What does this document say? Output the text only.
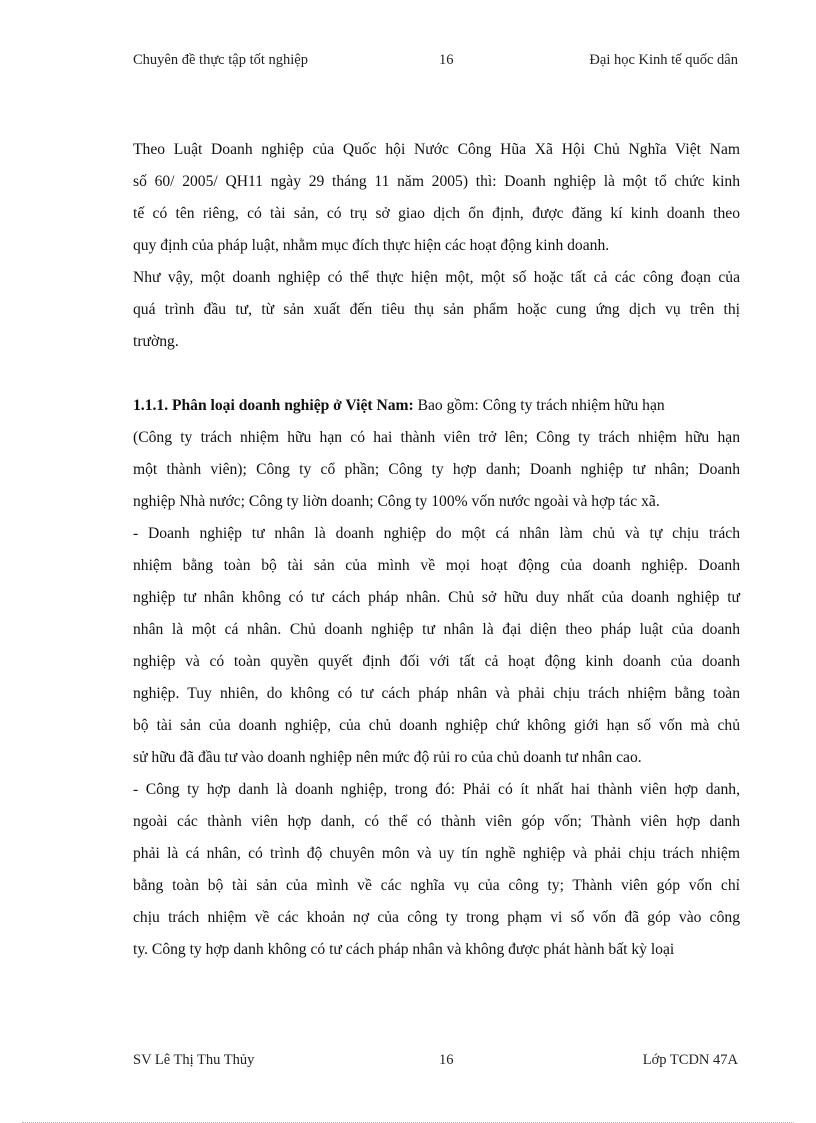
Chuyên đề thực tập tốt nghiệp	16	Đại học Kinh tế quốc dân
Theo Luật Doanh nghiệp của Quốc hội Nước Công Hũa Xã Hội Chủ Nghĩa Việt Nam
số 60/ 2005/ QH11 ngày 29 tháng 11 năm 2005) thì: Doanh nghiệp là một tổ chức kinh
tế có tên riêng, có tài sản, có trụ sở giao dịch ổn định, được đăng kí kinh doanh theo
quy định của pháp luật, nhằm mục đích thực hiện các hoạt động kinh doanh.
Như vậy, một doanh nghiệp có thể thực hiện một, một số hoặc tất cả các công đoạn của
quá trình đầu tư, từ sản xuất đến tiêu thụ sản phẩm hoặc cung ứng dịch vụ trên thị
trường.
1.1.1. Phân loại doanh nghiệp ở Việt Nam: Bao gồm: Công ty trách nhiệm hữu hạn
(Công ty trách nhiệm hữu hạn có hai thành viên trở lên; Công ty trách nhiệm hữu hạn
một thành viên); Công ty cổ phần; Công ty hợp danh; Doanh nghiệp tư nhân; Doanh
nghiệp Nhà nước; Công ty liờn doanh; Công ty 100% vốn nước ngoài và hợp tác xã.
- Doanh nghiệp tư nhân là doanh nghiệp do một cá nhân làm chủ và tự chịu trách
nhiệm bằng toàn bộ tài sản của mình về mọi hoạt động của doanh nghiệp. Doanh
nghiệp tư nhân không có tư cách pháp nhân. Chủ sở hữu duy nhất của doanh nghiệp tư
nhân là một cá nhân. Chủ doanh nghiệp tư nhân là đại diện theo pháp luật của doanh
nghiệp và có toàn quyền quyết định đối với tất cả hoạt động kinh doanh của doanh
nghiệp. Tuy nhiên, do không có tư cách pháp nhân và phải chịu trách nhiệm bằng toàn
bộ tài sản của doanh nghiệp, của chủ doanh nghiệp chứ không giới hạn số vốn mà chủ
sử hữu đã đầu tư vào doanh nghiệp nên mức độ rủi ro của chủ doanh tư nhân cao.
- Công ty hợp danh là doanh nghiệp, trong đó: Phải có ít nhất hai thành viên hợp danh,
ngoài các thành viên hợp danh, có thể có thành viên góp vốn; Thành viên hợp danh
phải là cá nhân, có trình độ chuyên môn và uy tín nghề nghiệp và phải chịu trách nhiệm
bằng toàn bộ tài sản của mình về các nghĩa vụ của công ty; Thành viên góp vốn chỉ
chịu trách nhiệm về các khoản nợ của công ty trong phạm vi số vốn đã góp vào công
ty. Công ty hợp danh không có tư cách pháp nhân và không được phát hành bất kỳ loại
SV Lê Thị Thu Thủy	16	Lớp TCDN 47A
